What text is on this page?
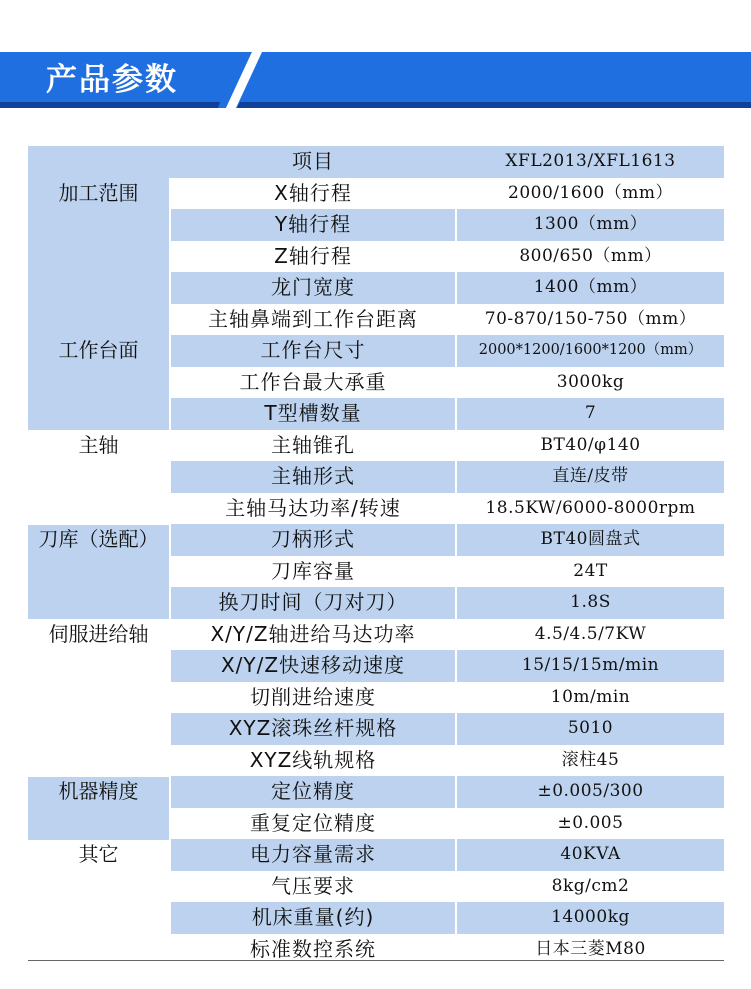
产品参数
项目	XFL2013/XFL1613
加工范围	X轴行程	2000/1600（mm）
Y轴行程	1300（mm）
Z轴行程	800/650（mm）
龙门宽度	1400（mm）
主轴鼻端到工作台距离	70-870/150-750（mm）
工作台面	工作台尺寸	2000*1200/1600*1200（mm）
工作台最大承重	3000kg
T型槽数量	7
主轴	主轴锥孔	BT40/φ140
主轴形式	直连/皮带
主轴马达功率/转速	18.5KW/6000-8000rpm
刀库（选配）	刀柄形式	BT40圆盘式
刀库容量	24T
换刀时间（刀对刀）	1.8S
伺服进给轴	X/Y/Z轴进给马达功率	4.5/4.5/7KW
X/Y/Z快速移动速度	15/15/15m/min
切削进给速度	10m/min
XYZ滚珠丝杆规格	5010
XYZ线轨规格	滚柱45
机器精度	定位精度	±0.005/300
重复定位精度	±0.005
其它	电力容量需求	40KVA
气压要求	8kg/cm2
机床重量(约)	14000kg
标准数控系统	日本三菱M80
